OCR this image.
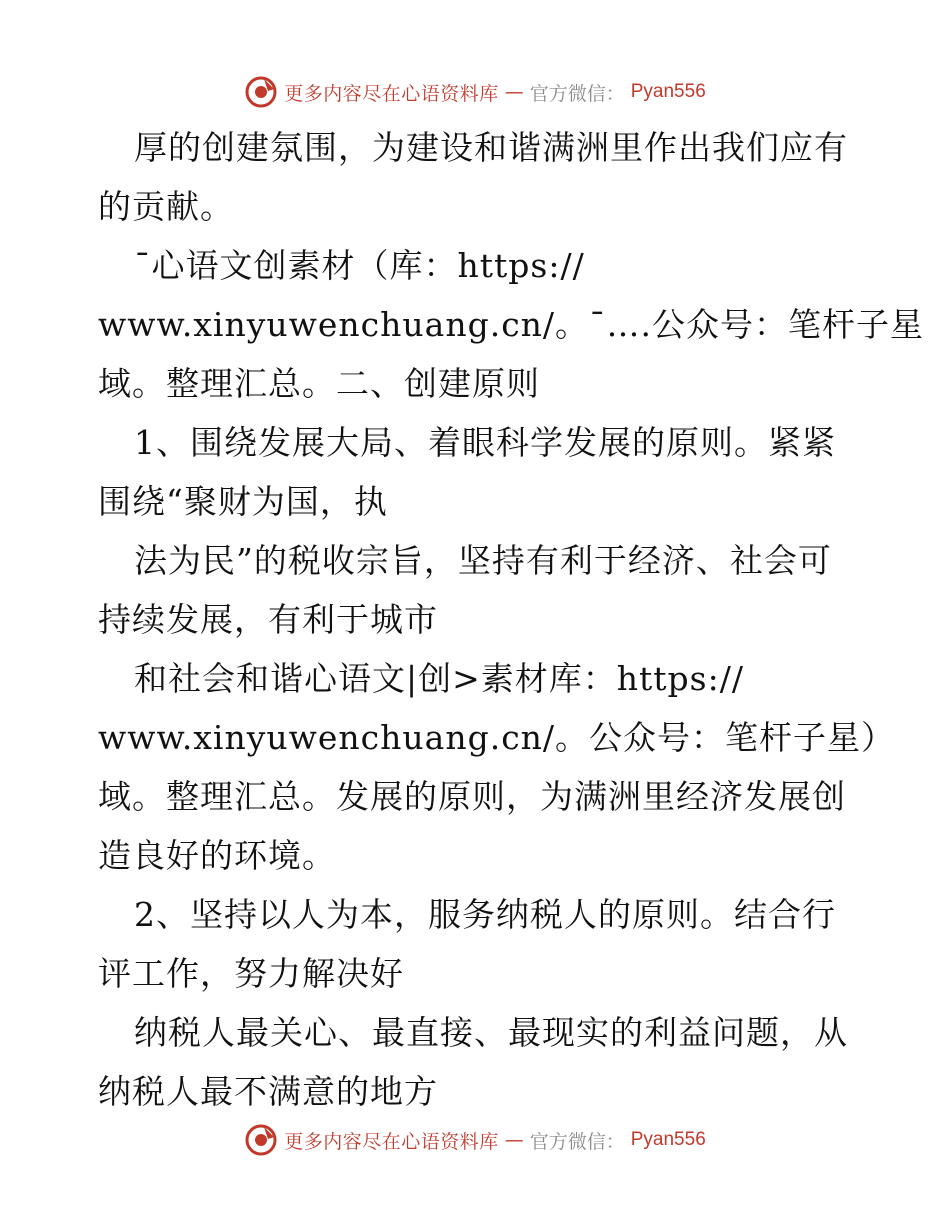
更多内容尽在心语资料库 — 官方微信： Pyan556
厚的创建氛围，为建设和谐满洲里作出我们应有
的贡献。
¯心语文创素材（库：https://
www.xinyuwenchuang.cn/。¯….公众号：笔杆子星
域。整理汇总。二、创建原则
1、围绕发展大局、着眼科学发展的原则。紧紧
围绕“聚财为国，执
法为民”的税收宗旨，坚持有利于经济、社会可
持续发展，有利于城市
和社会和谐心语文|创>素材库：https://
www.xinyuwenchuang.cn/。公众号：笔杆子星）
域。整理汇总。发展的原则，为满洲里经济发展创
造良好的环境。
2、坚持以人为本，服务纳税人的原则。结合行
评工作，努力解决好
纳税人最关心、最直接、最现实的利益问题，从
纳税人最不满意的地方
更多内容尽在心语资料库 — 官方微信： Pyan556
